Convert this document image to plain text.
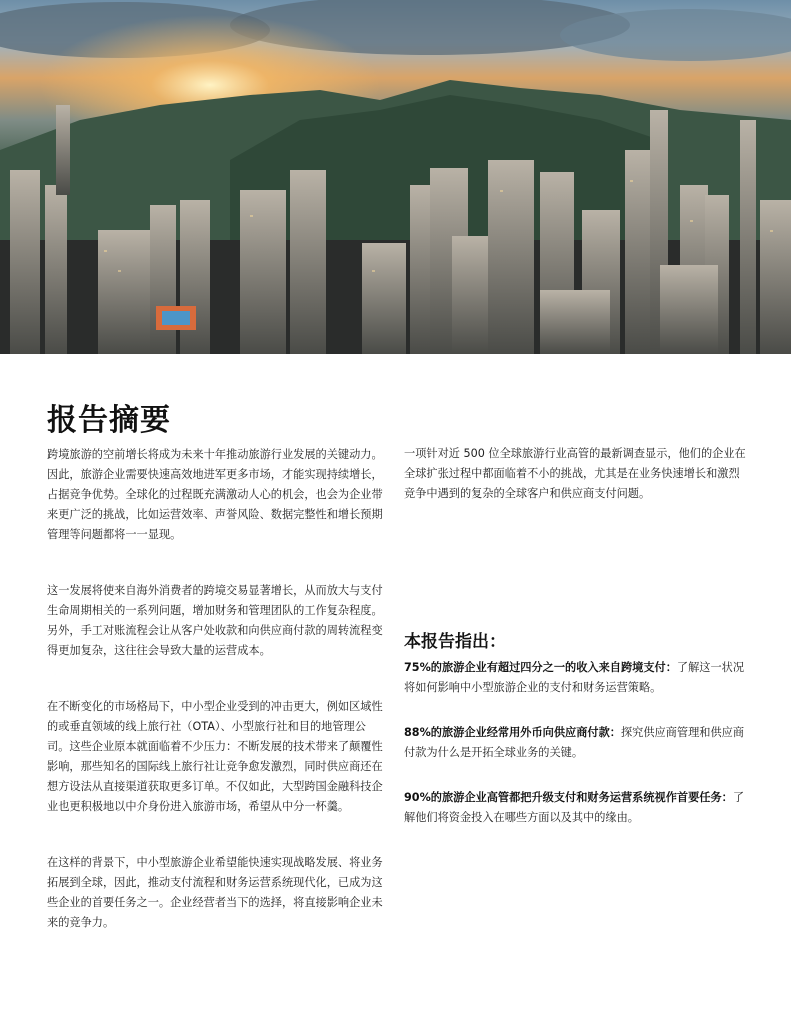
报告摘要

跨境旅游的空前增长将成为未来十年推动旅游行业发展的关键动力。因此，旅游企业需要快速高效地进军更多市场，才能实现持续增长，占据竞争优势。全球化的过程既充满激动人心的机会，也会为企业带来更广泛的挑战，比如运营效率、声誉风险、数据完整性和增长预期管理等问题都将一一显现。

这一发展将使来自海外消费者的跨境交易显著增长，从而放大与支付生命周期相关的一系列问题，增加财务和管理团队的工作复杂程度。另外，手工对账流程会让从客户处收款和向供应商付款的周转流程变得更加复杂，这往往会导致大量的运营成本。

在不断变化的市场格局下，中小型企业受到的冲击更大，例如区域性的或垂直领域的线上旅行社（OTA）、小型旅行社和目的地管理公司。这些企业原本就面临着不少压力：不断发展的技术带来了颠覆性影响，那些知名的国际线上旅行社让竞争愈发激烈，同时供应商还在想方设法从直接渠道获取更多订单。不仅如此，大型跨国金融科技企业也更积极地以中介身份进入旅游市场，希望从中分一杯羹。

在这样的背景下，中小型旅游企业希望能快速实现战略发展、将业务拓展到全球，因此，推动支付流程和财务运营系统现代化，已成为这些企业的首要任务之一。企业经营者当下的选择，将直接影响企业未来的竞争力。

一项针对近 500 位全球旅游行业高管的最新调查显示，他们的企业在全球扩张过程中都面临着不小的挑战，尤其是在业务快速增长和激烈竞争中遇到的复杂的全球客户和供应商支付问题。

本报告指出：

75%的旅游企业有超过四分之一的收入来自跨境支付：了解这一状况将如何影响中小型旅游企业的支付和财务运营策略。

88%的旅游企业经常用外币向供应商付款：探究供应商管理和供应商付款为什么是开拓全球业务的关键。

90%的旅游企业高管都把升级支付和财务运营系统视作首要任务：了解他们将资金投入在哪些方面以及其中的缘由。
